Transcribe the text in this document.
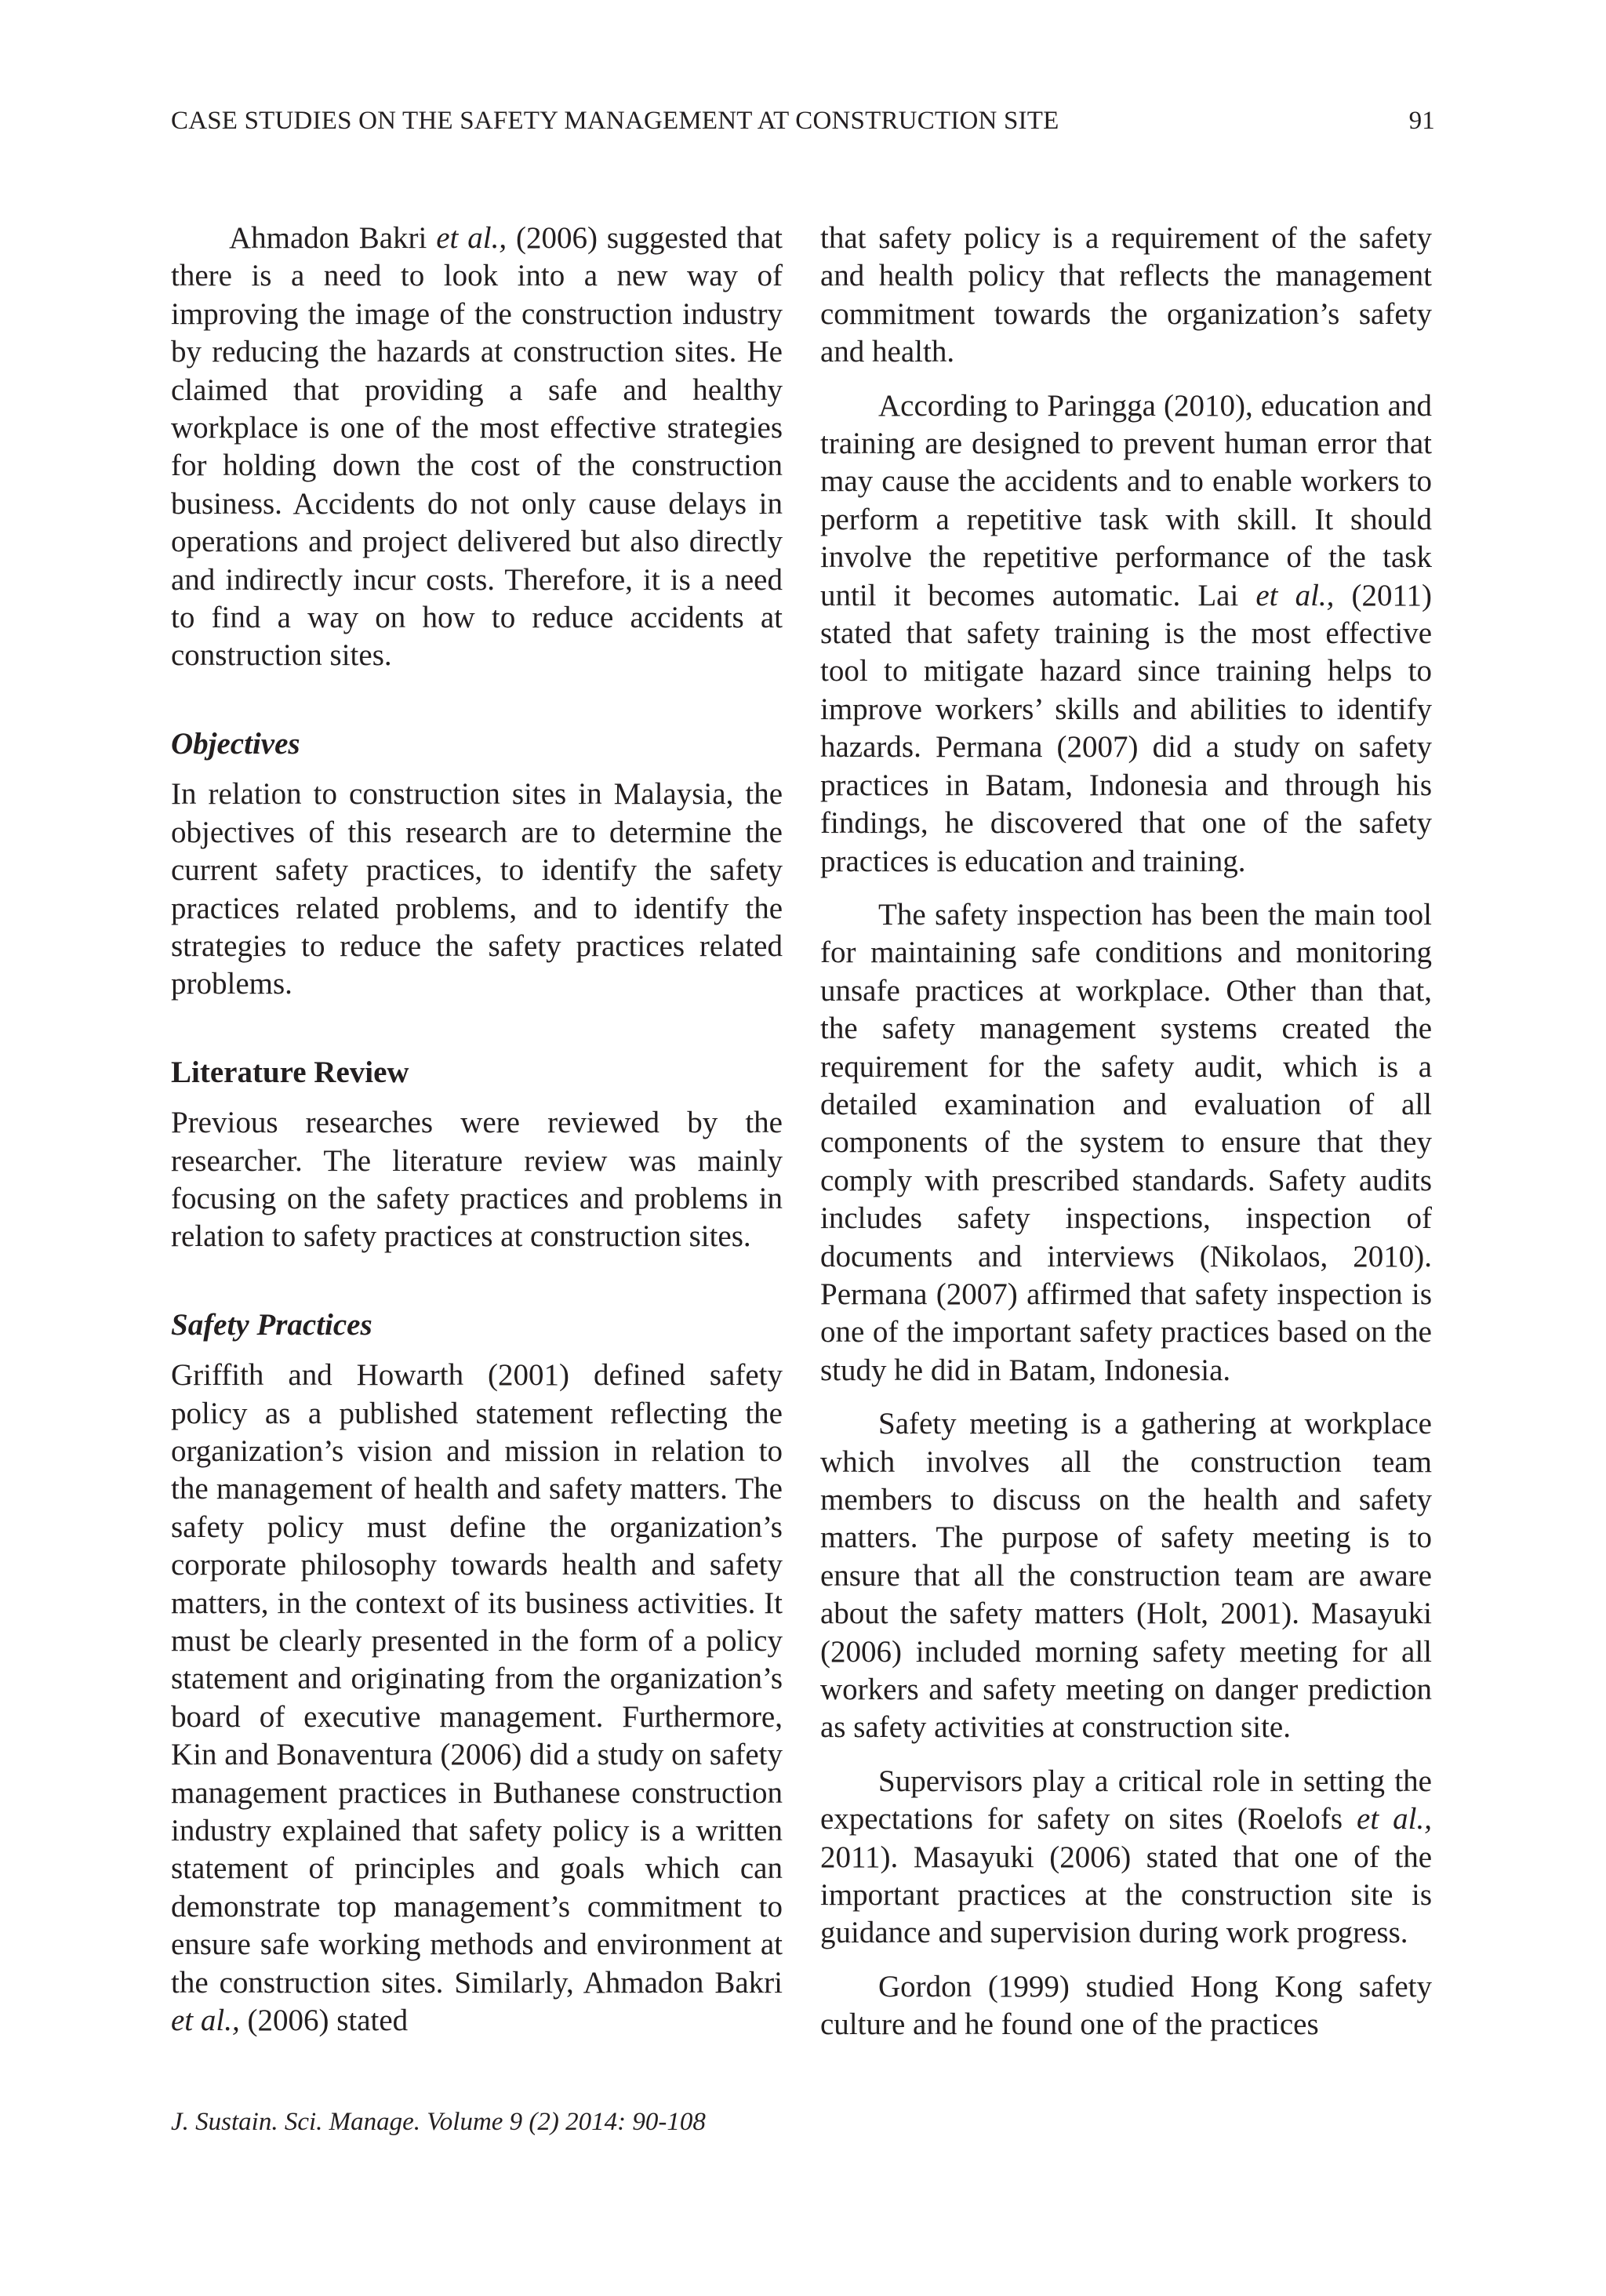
CASE STUDIES ON THE SAFETY MANAGEMENT AT CONSTRUCTION SITE	91

Ahmadon Bakri et al., (2006) suggested that there is a need to look into a new way of improving the image of the construction industry by reducing the hazards at construction sites. He claimed that providing a safe and healthy workplace is one of the most effective strategies for holding down the cost of the construction business. Accidents do not only cause delays in operations and project delivered but also directly and indirectly incur costs. Therefore, it is a need to find a way on how to reduce accidents at construction sites.

Objectives

In relation to construction sites in Malaysia, the objectives of this research are to determine the current safety practices, to identify the safety practices related problems, and to identify the strategies to reduce the safety practices related problems.

Literature Review

Previous researches were reviewed by the researcher. The literature review was mainly focusing on the safety practices and problems in relation to safety practices at construction sites.

Safety Practices

Griffith and Howarth (2001) defined safety policy as a published statement reflecting the organization’s vision and mission in relation to the management of health and safety matters. The safety policy must define the organization’s corporate philosophy towards health and safety matters, in the context of its business activities. It must be clearly presented in the form of a policy statement and originating from the organization’s board of executive management. Furthermore, Kin and Bonaventura (2006) did a study on safety management practices in Buthanese construction industry explained that safety policy is a written statement of principles and goals which can demonstrate top management’s commitment to ensure safe working methods and environment at the construction sites. Similarly, Ahmadon Bakri et al., (2006) stated

that safety policy is a requirement of the safety and health policy that reflects the management commitment towards the organization’s safety and health.

According to Paringga (2010), education and training are designed to prevent human error that may cause the accidents and to enable workers to perform a repetitive task with skill. It should involve the repetitive performance of the task until it becomes automatic. Lai et al., (2011) stated that safety training is the most effective tool to mitigate hazard since training helps to improve workers’ skills and abilities to identify hazards. Permana (2007) did a study on safety practices in Batam, Indonesia and through his findings, he discovered that one of the safety practices is education and training.

The safety inspection has been the main tool for maintaining safe conditions and monitoring unsafe practices at workplace. Other than that, the safety management systems created the requirement for the safety audit, which is a detailed examination and evaluation of all components of the system to ensure that they comply with prescribed standards. Safety audits includes safety inspections, inspection of documents and interviews (Nikolaos, 2010). Permana (2007) affirmed that safety inspection is one of the important safety practices based on the study he did in Batam, Indonesia.

Safety meeting is a gathering at workplace which involves all the construction team members to discuss on the health and safety matters. The purpose of safety meeting is to ensure that all the construction team are aware about the safety matters (Holt, 2001). Masayuki (2006) included morning safety meeting for all workers and safety meeting on danger prediction as safety activities at construction site.

Supervisors play a critical role in setting the expectations for safety on sites (Roelofs et al., 2011). Masayuki (2006) stated that one of the important practices at the construction site is guidance and supervision during work progress.

Gordon (1999) studied Hong Kong safety culture and he found one of the practices

J. Sustain. Sci. Manage. Volume 9 (2) 2014: 90-108
